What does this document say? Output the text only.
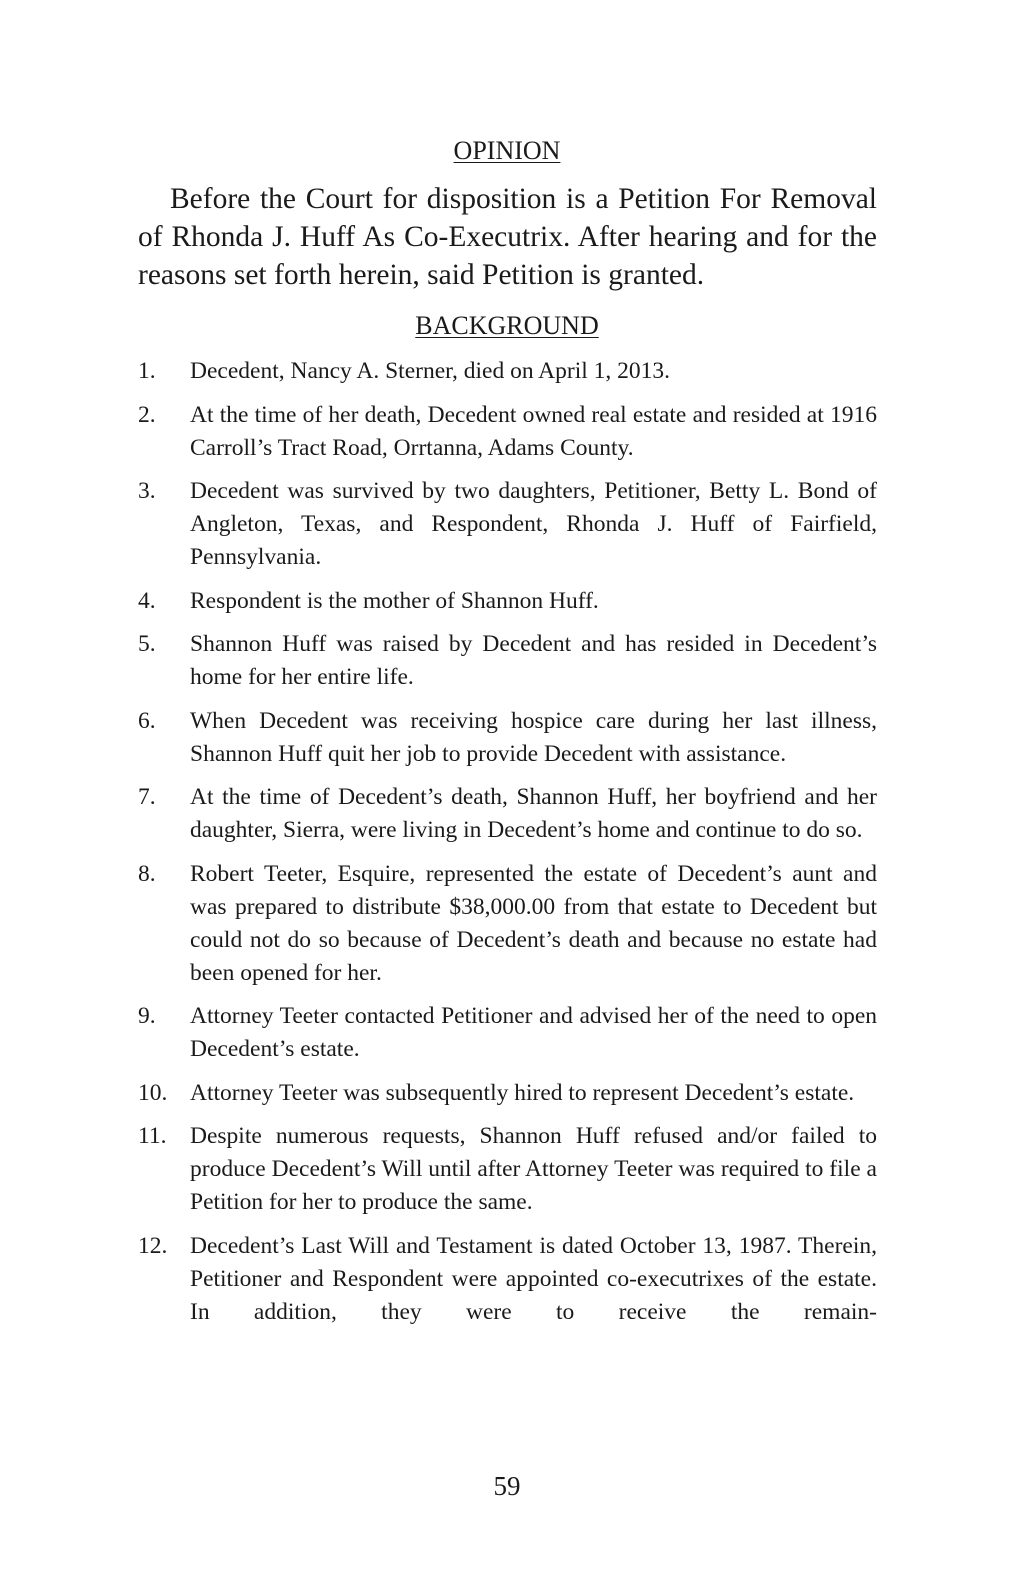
OPINION

Before the Court for disposition is a Petition For Removal of Rhonda J. Huff As Co-Executrix. After hearing and for the reasons set forth herein, said Petition is granted.

BACKGROUND
1.	Decedent, Nancy A. Sterner, died on April 1, 2013.
2.	At the time of her death, Decedent owned real estate and resided at 1916 Carroll’s Tract Road, Orrtanna, Adams County.
3.	Decedent was survived by two daughters, Petitioner, Betty L. Bond of Angleton, Texas, and Respondent, Rhonda J. Huff of Fairfield, Pennsylvania.
4.	Respondent is the mother of Shannon Huff.
5.	Shannon Huff was raised by Decedent and has resided in Decedent’s home for her entire life.
6.	When Decedent was receiving hospice care during her last illness, Shannon Huff quit her job to provide Decedent with assistance.
7.	At the time of Decedent’s death, Shannon Huff, her boyfriend and her daughter, Sierra, were living in Decedent’s home and continue to do so.
8.	Robert Teeter, Esquire, represented the estate of Decedent’s aunt and was prepared to distribute $38,000.00 from that estate to Decedent but could not do so because of Decedent’s death and because no estate had been opened for her.
9.	Attorney Teeter contacted Petitioner and advised her of the need to open Decedent’s estate.
10. Attorney Teeter was subsequently hired to represent Decedent’s estate.
11. Despite numerous requests, Shannon Huff refused and/or failed to produce Decedent’s Will until after Attorney Teeter was required to file a Petition for her to produce the same.
12. Decedent’s Last Will and Testament is dated October 13, 1987. Therein, Petitioner and Respondent were appointed co-executrixes of the estate. In addition, they were to receive the remain-
59
